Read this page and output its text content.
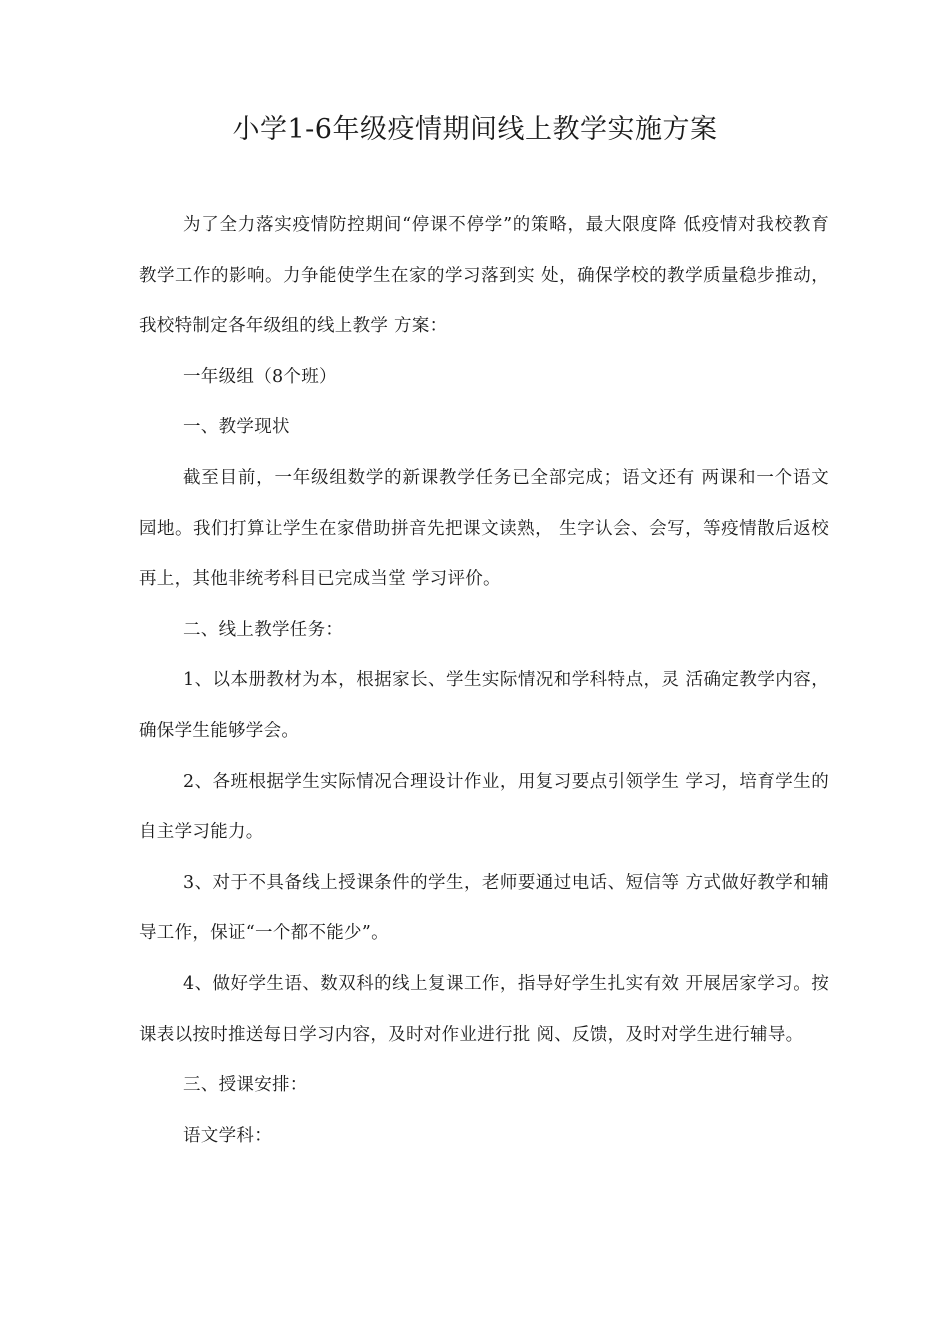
小学1-6年级疫情期间线上教学实施方案

为了全力落实疫情防控期间“停课不停学”的策略，最大限度降 低疫情对我校教育教学工作的影响。力争能使学生在家的学习落到实 处，确保学校的教学质量稳步推动，我校特制定各年级组的线上教学 方案：

一年级组（8个班）

一、教学现状

截至目前，一年级组数学的新课教学任务已全部完成；语文还有 两课和一个语文园地。我们打算让学生在家借助拼音先把课文读熟， 生字认会、会写，等疫情散后返校再上，其他非统考科目已完成当堂 学习评价。

二、线上教学任务：

1、以本册教材为本，根据家长、学生实际情况和学科特点，灵 活确定教学内容，确保学生能够学会。

2、各班根据学生实际情况合理设计作业，用复习要点引领学生 学习，培育学生的自主学习能力。

3、对于不具备线上授课条件的学生，老师要通过电话、短信等 方式做好教学和辅导工作，保证“一个都不能少”。

4、做好学生语、数双科的线上复课工作，指导好学生扎实有效 开展居家学习。按课表以按时推送每日学习内容，及时对作业进行批 阅、反馈，及时对学生进行辅导。

三、授课安排：

语文学科：
